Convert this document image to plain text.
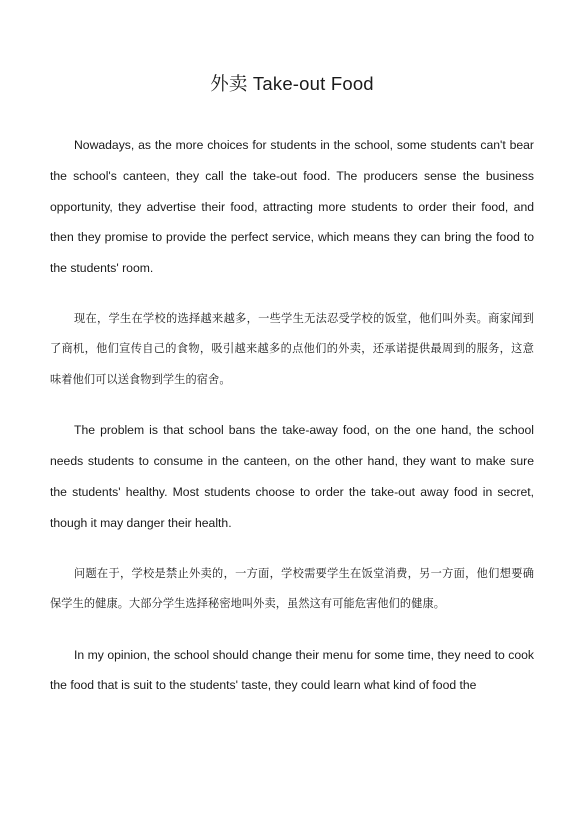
外卖 Take-out Food

Nowadays, as the more choices for students in the school, some students can't bear the school's canteen, they call the take-out food. The producers sense the business opportunity, they advertise their food, attracting more students to order their food, and then they promise to provide the perfect service, which means they can bring the food to the students' room.

现在，学生在学校的选择越来越多，一些学生无法忍受学校的饭堂，他们叫外卖。商家闻到了商机，他们宣传自己的食物，吸引越来越多的点他们的外卖，还承诺提供最周到的服务，这意味着他们可以送食物到学生的宿舍。

The problem is that school bans the take-away food, on the one hand, the school needs students to consume in the canteen, on the other hand, they want to make sure the students' healthy. Most students choose to order the take-out away food in secret, though it may danger their health.

问题在于，学校是禁止外卖的，一方面，学校需要学生在饭堂消费，另一方面，他们想要确保学生的健康。大部分学生选择秘密地叫外卖，虽然这有可能危害他们的健康。

In my opinion, the school should change their menu for some time, they need to cook the food that is suit to the students' taste, they could learn what kind of food the
